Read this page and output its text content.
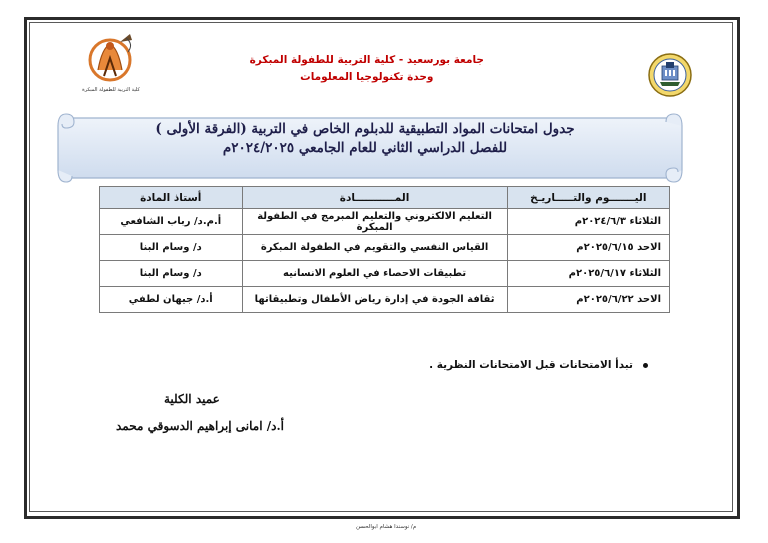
كلية التربية للطفولة المبكرة
جامعة بورسعيد - كلية التربية للطفولة المبكرة
وحدة تكنولوجيا المعلومات
جدول امتحانات المواد التطبيقية للدبلوم الخاص في التربية (الفرقة الأولى )
للفصل الدراسي الثاني للعام الجامعي ٢٠٢٤/٢٠٢٥م
اليـــــــوم والتـــــاريـخ	المـــــــــــادة	أستاذ المادة
الثلاثاء ٢٠٢٤/٦/٣م	التعليم الالكتروني والتعليم المبرمج في الطفولة المبكرة	أ.م.د/ رباب الشافعي
الاحد ٢٠٢٥/٦/١٥م	القياس النفسي والتقويم في الطفولة المبكرة	د/ وسام البنا
الثلاثاء ٢٠٢٥/٦/١٧م	تطبيقات الاحصاء في العلوم الانسانيه	د/ وسام البنا
الاحد ٢٠٢٥/٦/٢٢م	ثقافة الجودة في إدارة رياض الأطفال وتطبيقاتها	أ.د/ جيهان لطفي
تبدأ الامتحانات قبل الامتحانات النظرية .
عميد الكلية
أ.د/ امانى إبراهيم الدسوقي محمد
م/ نوسندا هشام ابوالحسن
